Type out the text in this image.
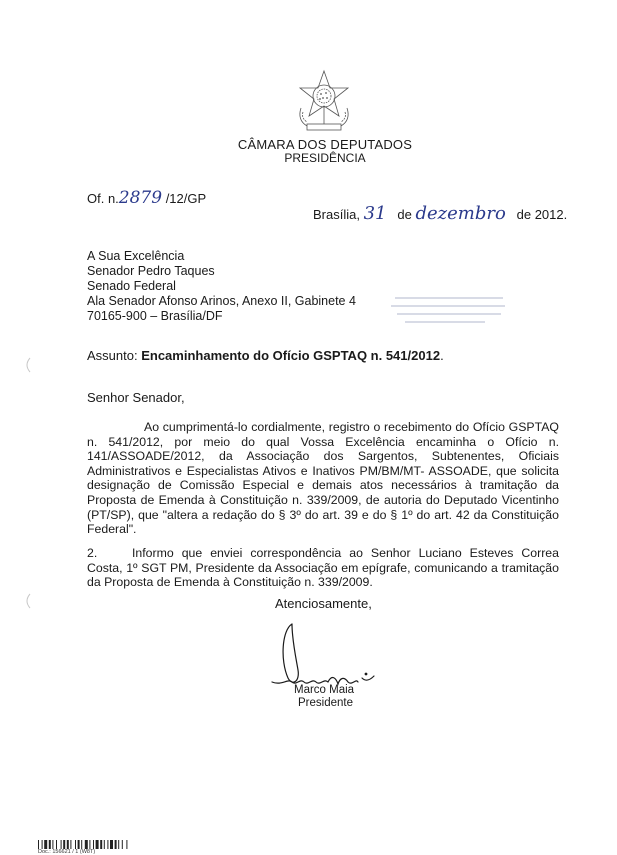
CÂMARA DOS DEPUTADOS
PRESIDÊNCIA
Of. n.2879 /12/GP
Brasília, 31 de dezembro de 2012.
A Sua Excelência
Senador Pedro Taques
Senado Federal
Ala Senador Afonso Arinos, Anexo II, Gabinete 4
70165-900 – Brasília/DF
Assunto: Encaminhamento do Ofício GSPTAQ n. 541/2012.
Senhor Senador,
Ao cumprimentá-lo cordialmente, registro o recebimento do Ofício GSPTAQ n. 541/2012, por meio do qual Vossa Excelência encaminha o Ofício n. 141/ASSOADE/2012, da Associação dos Sargentos, Subtenentes, Oficiais Administrativos e Especialistas Ativos e Inativos PM/BM/MT- ASSOADE, que solicita designação de Comissão Especial e demais atos necessários à tramitação da Proposta de Emenda à Constituição n. 339/2009, de autoria do Deputado Vicentinho (PT/SP), que "altera a redação do § 3º do art. 39 e do § 1º do art. 42 da Constituição Federal".
2.	Informo que enviei correspondência ao Senhor Luciano Esteves Correa Costa, 1º SGT PM, Presidente da Associação em epígrafe, comunicando a tramitação da Proposta de Emenda à Constituição n. 339/2009.
Atenciosamente,
Marco Maia
Presidente
Doc.: 156621 / 1 (W8T)
